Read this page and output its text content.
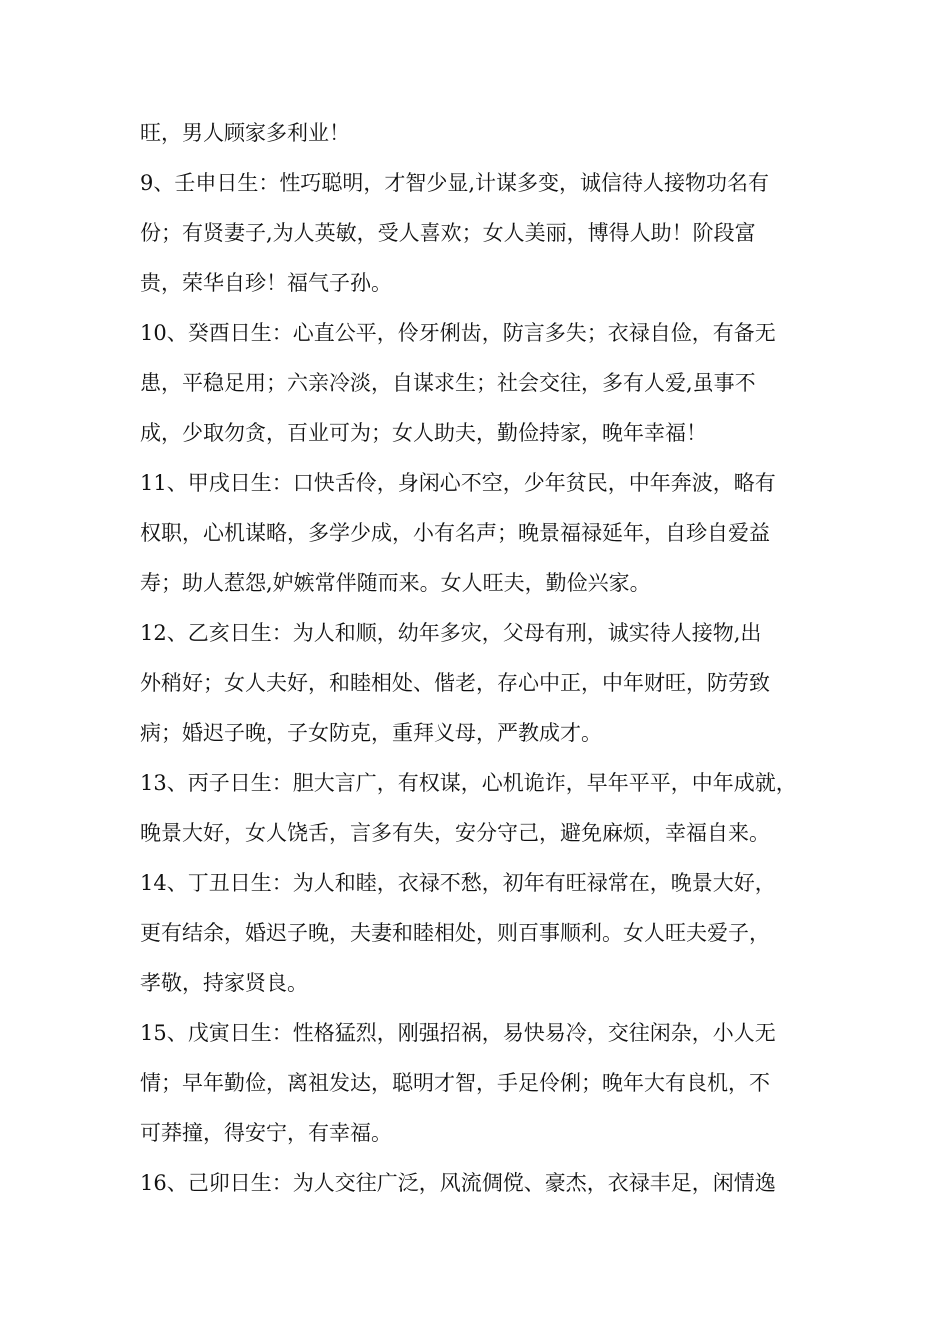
旺，男人顾家多利业！
9、壬申日生：性巧聪明，才智少显,计谋多变，诚信待人接物功名有
份；有贤妻子,为人英敏，受人喜欢；女人美丽，博得人助！阶段富
贵，荣华自珍！福气子孙。
10、癸酉日生：心直公平，伶牙俐齿，防言多失；衣禄自俭，有备无
患，平稳足用；六亲冷淡，自谋求生；社会交往，多有人爱,虽事不
成，少取勿贪，百业可为；女人助夫，勤俭持家，晚年幸福！
11、甲戌日生：口快舌伶，身闲心不空，少年贫民，中年奔波，略有
权职，心机谋略，多学少成，小有名声；晚景福禄延年，自珍自爱益
寿；助人惹怨,妒嫉常伴随而来。女人旺夫，勤俭兴家。
12、乙亥日生：为人和顺，幼年多灾，父母有刑，诚实待人接物,出
外稍好；女人夫好，和睦相处、偕老，存心中正，中年财旺，防劳致
病；婚迟子晚，子女防克，重拜义母，严教成才。
13、丙子日生：胆大言广，有权谋，心机诡诈，早年平平，中年成就，
晚景大好，女人饶舌，言多有失，安分守己，避免麻烦，幸福自来。
14、丁丑日生：为人和睦，衣禄不愁，初年有旺禄常在，晚景大好，
更有结余，婚迟子晚，夫妻和睦相处，则百事顺利。女人旺夫爱子，
孝敬，持家贤良。
15、戊寅日生：性格猛烈，刚强招祸，易快易冷，交往闲杂，小人无
情；早年勤俭，离祖发达，聪明才智，手足伶俐；晚年大有良机，不
可莽撞，得安宁，有幸福。
16、己卯日生：为人交往广泛，风流倜傥、豪杰，衣禄丰足，闲情逸
